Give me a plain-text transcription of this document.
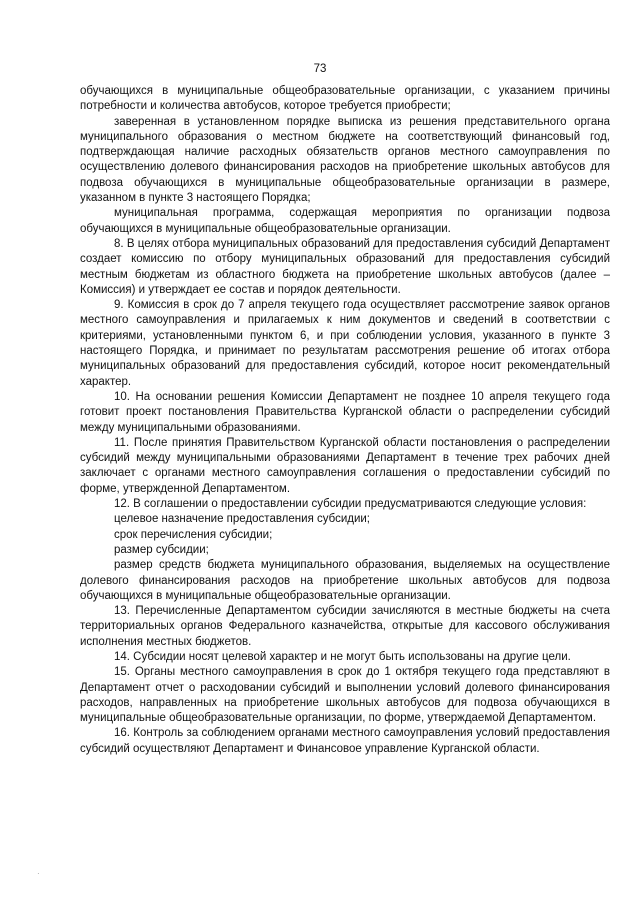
73

обучающихся в муниципальные общеобразовательные организации, с указанием причины потребности и количества автобусов, которое требуется приобрести;

заверенная в установленном порядке выписка из решения представительного органа муниципального образования о местном бюджете на соответствующий финансовый год, подтверждающая наличие расходных обязательств органов местного самоуправления по осуществлению долевого финансирования расходов на приобретение школьных автобусов для подвоза обучающихся в муниципальные общеобразовательные организации в размере, указанном в пункте 3 настоящего Порядка;

муниципальная программа, содержащая мероприятия по организации подвоза обучающихся в муниципальные общеобразовательные организации.

8. В целях отбора муниципальных образований для предоставления субсидий Департамент создает комиссию по отбору муниципальных образований для предоставления субсидий местным бюджетам из областного бюджета на приобретение школьных автобусов (далее – Комиссия) и утверждает ее состав и порядок деятельности.

9. Комиссия в срок до 7 апреля текущего года осуществляет рассмотрение заявок органов местного самоуправления и прилагаемых к ним документов и сведений в соответствии с критериями, установленными пунктом 6, и при соблюдении условия, указанного в пункте 3 настоящего Порядка, и принимает по результатам рассмотрения решение об итогах отбора муниципальных образований для предоставления субсидий, которое носит рекомендательный характер.

10. На основании решения Комиссии Департамент не позднее 10 апреля текущего года готовит проект постановления Правительства Курганской области о распределении субсидий между муниципальными образованиями.

11. После принятия Правительством Курганской области постановления о распределении субсидий между муниципальными образованиями Департамент в течение трех рабочих дней заключает с органами местного самоуправления соглашения о предоставлении субсидий по форме, утвержденной Департаментом.

12. В соглашении о предоставлении субсидии предусматриваются следующие условия:

целевое назначение предоставления субсидии;

срок перечисления субсидии;

размер субсидии;

размер средств бюджета муниципального образования, выделяемых на осуществление долевого финансирования расходов на приобретение школьных автобусов для подвоза обучающихся в муниципальные общеобразовательные организации.

13. Перечисленные Департаментом субсидии зачисляются в местные бюджеты на счета территориальных органов Федерального казначейства, открытые для кассового обслуживания исполнения местных бюджетов.

14. Субсидии носят целевой характер и не могут быть использованы на другие цели.

15. Органы местного самоуправления в срок до 1 октября текущего года представляют в Департамент отчет о расходовании субсидий и выполнении условий долевого финансирования расходов, направленных на приобретение школьных автобусов для подвоза обучающихся в муниципальные общеобразовательные организации, по форме, утверждаемой Департаментом.

16. Контроль за соблюдением органами местного самоуправления условий предоставления субсидий осуществляют Департамент и Финансовое управление Курганской области.

·
